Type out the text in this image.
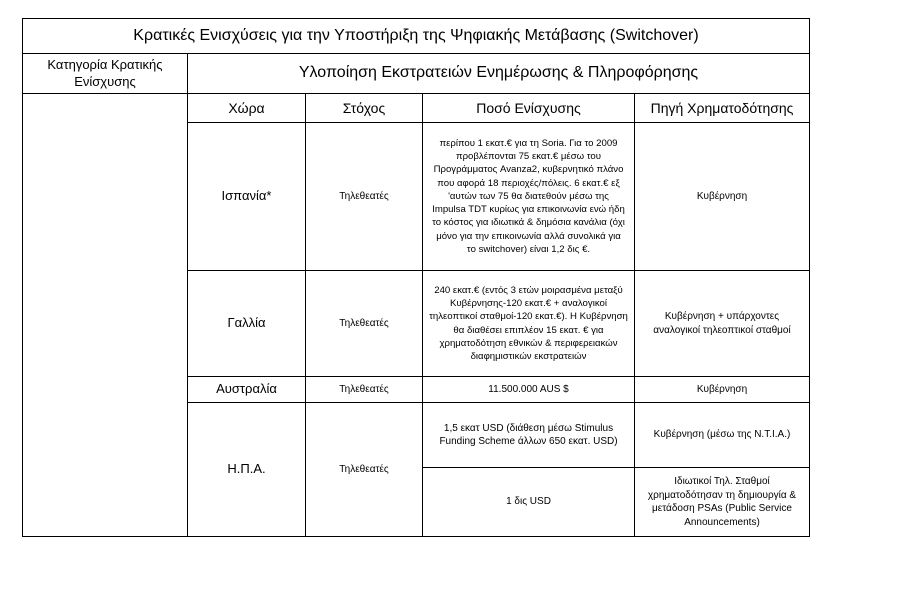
Κρατικές Ενισχύσεις για την Υποστήριξη της Ψηφιακής Μετάβασης (Switchover)				
Κατηγορία Κρατικής Ενίσχυσης	Υλοποίηση Εκστρατειών Ενημέρωσης & Πληροφόρησης			
	Χώρα	Στόχος	Ποσό Ενίσχυσης	Πηγή Χρηματοδότησης
	Ισπανία*	Τηλεθεατές	περίπου 1 εκατ.€ για τη Soria. Για το 2009 προβλέπονται 75 εκατ.€ μέσω του Προγράμματος Avanza2, κυβερνητικό πλάνο που αφορά 18 περιοχές/πόλεις. 6 εκατ.€ εξ 'αυτών των 75 θα διατεθούν μέσω της Impulsa TDT κυρίως για επικοινωνία ενώ ήδη το κόστος για ιδιωτικά & δημόσια κανάλια (όχι μόνο για την επικοινωνία αλλά συνολικά για το switchover) είναι 1,2 δις €.	Κυβέρνηση
	Γαλλία	Τηλεθεατές	240 εκατ.€ (εντός 3 ετών μοιρασμένα μεταξύ Κυβέρνησης-120 εκατ.€ + αναλογικοί τηλεοπτικοί σταθμοί-120 εκατ.€). Η Κυβέρνηση θα διαθέσει επιπλέον 15 εκατ. € για χρηματοδότηση εθνικών & περιφερειακών διαφημιστικών εκστρατειών	Κυβέρνηση + υπάρχοντες αναλογικοί τηλεοπτικοί σταθμοί
	Αυστραλία	Τηλεθεατές	11.500.000 AUS $	Κυβέρνηση
	Η.Π.Α.	Τηλεθεατές	1,5 εκατ USD (διάθεση μέσω Stimulus Funding Scheme άλλων 650 εκατ. USD)	Κυβέρνηση (μέσω της N.T.I.A.)
			1 δις USD	Ιδιωτικοί Τηλ. Σταθμοί χρηματοδότησαν τη δημιουργία & μετάδοση PSAs (Public Service Announcements)
